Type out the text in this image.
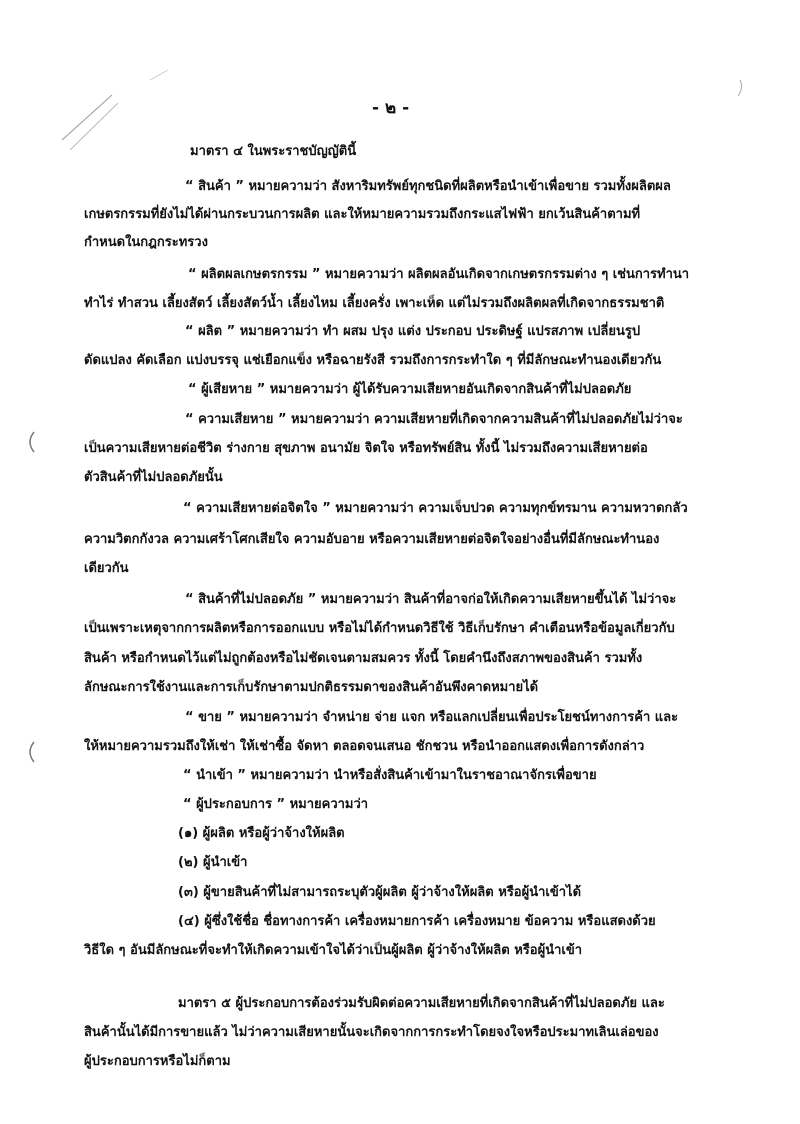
- ๒ -
มาตรา ๔ ในพระราชบัญญัตินี้
“ สินค้า ” หมายความว่า สังหาริมทรัพย์ทุกชนิดที่ผลิตหรือนำเข้าเพื่อขาย รวมทั้งผลิตผล
เกษตรกรรมที่ยังไม่ได้ผ่านกระบวนการผลิต และให้หมายความรวมถึงกระแสไฟฟ้า ยกเว้นสินค้าตามที่
กำหนดในกฎกระทรวง
“ ผลิตผลเกษตรกรรม ” หมายความว่า ผลิตผลอันเกิดจากเกษตรกรรมต่าง ๆ เช่นการทำนา
ทำไร่ ทำสวน เลี้ยงสัตว์ เลี้ยงสัตว์น้ำ เลี้ยงไหม เลี้ยงครั่ง เพาะเห็ด แต่ไม่รวมถึงผลิตผลที่เกิดจากธรรมชาติ
“ ผลิต ” หมายความว่า ทำ ผสม ปรุง แต่ง ประกอบ ประดิษฐ์ แปรสภาพ เปลี่ยนรูป
ดัดแปลง คัดเลือก แบ่งบรรจุ แช่เยือกแข็ง หรือฉายรังสี รวมถึงการกระทำใด ๆ ที่มีลักษณะทำนองเดียวกัน
“ ผู้เสียหาย ” หมายความว่า ผู้ได้รับความเสียหายอันเกิดจากสินค้าที่ไม่ปลอดภัย
“ ความเสียหาย ” หมายความว่า ความเสียหายที่เกิดจากความสินค้าที่ไม่ปลอดภัยไม่ว่าจะ
เป็นความเสียหายต่อชีวิต ร่างกาย สุขภาพ อนามัย จิตใจ หรือทรัพย์สิน ทั้งนี้ ไม่รวมถึงความเสียหายต่อ
ตัวสินค้าที่ไม่ปลอดภัยนั้น
“ ความเสียหายต่อจิตใจ ” หมายความว่า ความเจ็บปวด ความทุกข์ทรมาน ความหวาดกลัว
ความวิตกกังวล ความเศร้าโศกเสียใจ ความอับอาย หรือความเสียหายต่อจิตใจอย่างอื่นที่มีลักษณะทำนอง
เดียวกัน
“ สินค้าที่ไม่ปลอดภัย ” หมายความว่า สินค้าที่อาจก่อให้เกิดความเสียหายขึ้นได้ ไม่ว่าจะ
เป็นเพราะเหตุจากการผลิตหรือการออกแบบ หรือไม่ได้กำหนดวิธีใช้ วิธีเก็บรักษา คำเตือนหรือข้อมูลเกี่ยวกับ
สินค้า หรือกำหนดไว้แต่ไม่ถูกต้องหรือไม่ชัดเจนตามสมควร ทั้งนี้ โดยคำนึงถึงสภาพของสินค้า รวมทั้ง
ลักษณะการใช้งานและการเก็บรักษาตามปกติธรรมดาของสินค้าอันพึงคาดหมายได้
“ ขาย ” หมายความว่า จำหน่าย จ่าย แจก หรือแลกเปลี่ยนเพื่อประโยชน์ทางการค้า และ
ให้หมายความรวมถึงให้เช่า ให้เช่าซื้อ จัดหา ตลอดจนเสนอ ชักชวน หรือนำออกแสดงเพื่อการดังกล่าว
“ นำเข้า ” หมายความว่า นำหรือสั่งสินค้าเข้ามาในราชอาณาจักรเพื่อขาย
“ ผู้ประกอบการ ” หมายความว่า
(๑) ผู้ผลิต หรือผู้ว่าจ้างให้ผลิต
(๒) ผู้นำเข้า
(๓) ผู้ขายสินค้าที่ไม่สามารถระบุตัวผู้ผลิต ผู้ว่าจ้างให้ผลิต หรือผู้นำเข้าได้
(๔) ผู้ซึ่งใช้ชื่อ ชื่อทางการค้า เครื่องหมายการค้า เครื่องหมาย ข้อความ หรือแสดงด้วย
วิธีใด ๆ อันมีลักษณะที่จะทำให้เกิดความเข้าใจได้ว่าเป็นผู้ผลิต ผู้ว่าจ้างให้ผลิต หรือผู้นำเข้า
มาตรา ๕ ผู้ประกอบการต้องร่วมรับผิดต่อความเสียหายที่เกิดจากสินค้าที่ไม่ปลอดภัย และ
สินค้านั้นได้มีการขายแล้ว ไม่ว่าความเสียหายนั้นจะเกิดจากการกระทำโดยจงใจหรือประมาทเลินเล่อของ
ผู้ประกอบการหรือไม่ก็ตาม
